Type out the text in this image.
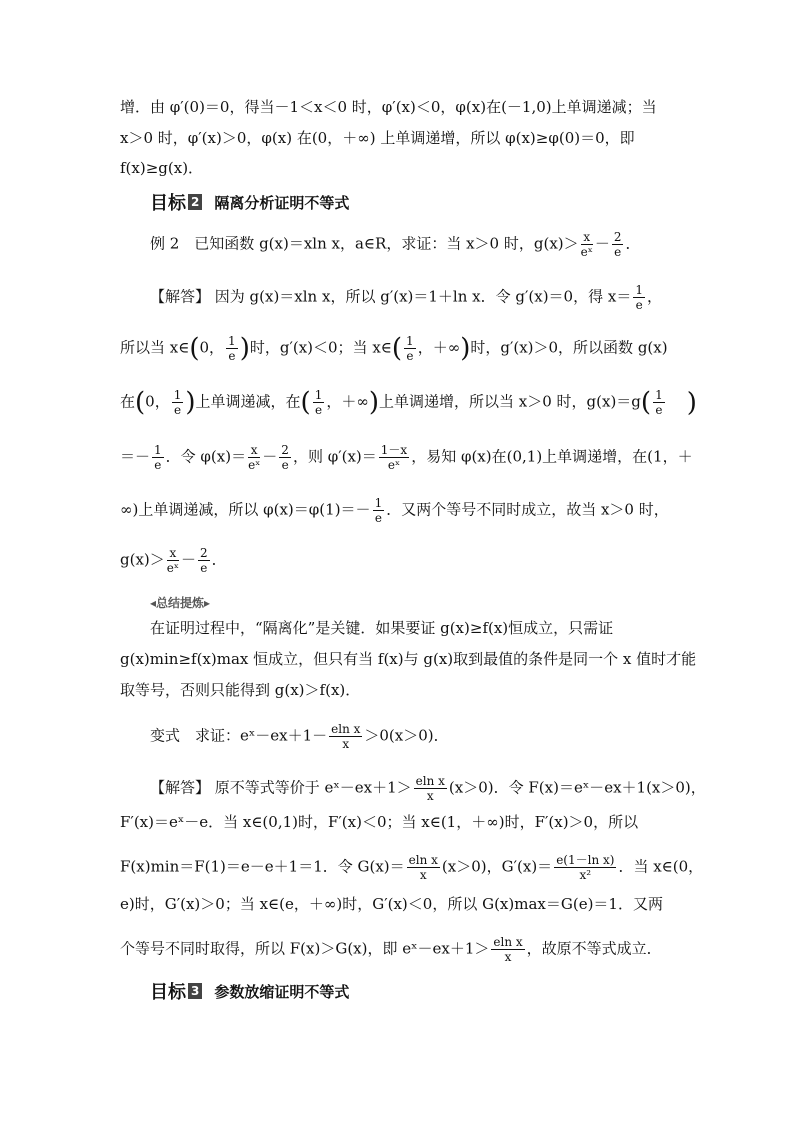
增．由 φ′(0)＝0，得当－1＜x＜0 时，φ′(x)＜0，φ(x)在(－1,0)上单调递减；当
x＞0 时，φ′(x)＞0，φ(x) 在(0，＋∞) 上单调递增，所以 φ(x)≥φ(0)＝0，即
f(x)≥g(x)．
目标 2 隔离分析证明不等式
例 2　已知函数 g(x)＝xln x，a∈R，求证：当 x＞0 时，$g(x)> \frac{x}{\text{eˣ}} - \frac{2}{e}$ ．
【解答】 因为 g(x)＝xln x，所以 g′(x)＝1＋ln x．令 g′(x)＝0，得 $x= \frac{1}{e}$ ，
所以当 x∈(0， $\frac{1}{e}$ )时，g′(x)＜0；当 x∈( $\frac{1}{e}$ ，＋∞)时，g′(x)＞0，所以函数 g(x)
在(0， $\frac{1}{e}$ )上单调递减，在( $\frac{1}{e}$ ，＋∞)上单调递增，所以当 x＞0 时，$g(x)=g( \frac{1}{e}$ )
＝－ $\frac{1}{e}$ ．令 $\varphi(x)= \frac{x}{\text{eˣ}} - \frac{2}{e}$ ，则 $\varphi'(x)= \frac{1-x}{\text{eˣ}}$ ，易知 φ(x)在(0,1)上单调递增，在(1，＋
∞)上单调递减，所以 $\varphi(x)=\varphi(1)=- \frac{1}{e}$ ．又两个等号不同时成立，故当 x＞0 时，
$g(x)> \frac{x}{\text{eˣ}} - \frac{2}{e}$ ．
◂总结提炼▸
在证明过程中，“隔离化”是关键．如果要证 g(x)≥f(x)恒成立，只需证
g(x)min≥f(x)max 恒成立，但只有当 f(x)与 g(x)取到最值的条件是同一个 x 值时才能
取等号，否则只能得到 g(x)＞f(x)．
变式　求证：eˣ－ex＋1－ $\frac{\text{eln x}}{x} >0(x>0)$．
【解答】 原不等式等价于 eˣ－ex＋1＞ $\frac{\text{eln x}}{x} (x>0)$．令 F(x)＝eˣ－ex＋1(x＞0)，
F′(x)＝eˣ－e．当 x∈(0,1)时，F′(x)＜0；当 x∈(1，＋∞)时，F′(x)＞0，所以
F(x)min＝F(1)＝e－e＋1＝1．令 $G(x)= \frac{\text{eln x}}{x} (x>0)$，$G'(x)= \frac{\text{e(1－ln x)}}{\text{x²}}$ ．当 x∈(0，
e)时，G′(x)＞0；当 x∈(e，＋∞)时，G′(x)＜0，所以 G(x)max＝G(e)＝1．又两
个等号不同时取得，所以 F(x)＞G(x)，即 eˣ－ex＋1＞ $\frac{\text{eln x}}{x}$ ，故原不等式成立．
目标 3 参数放缩证明不等式
